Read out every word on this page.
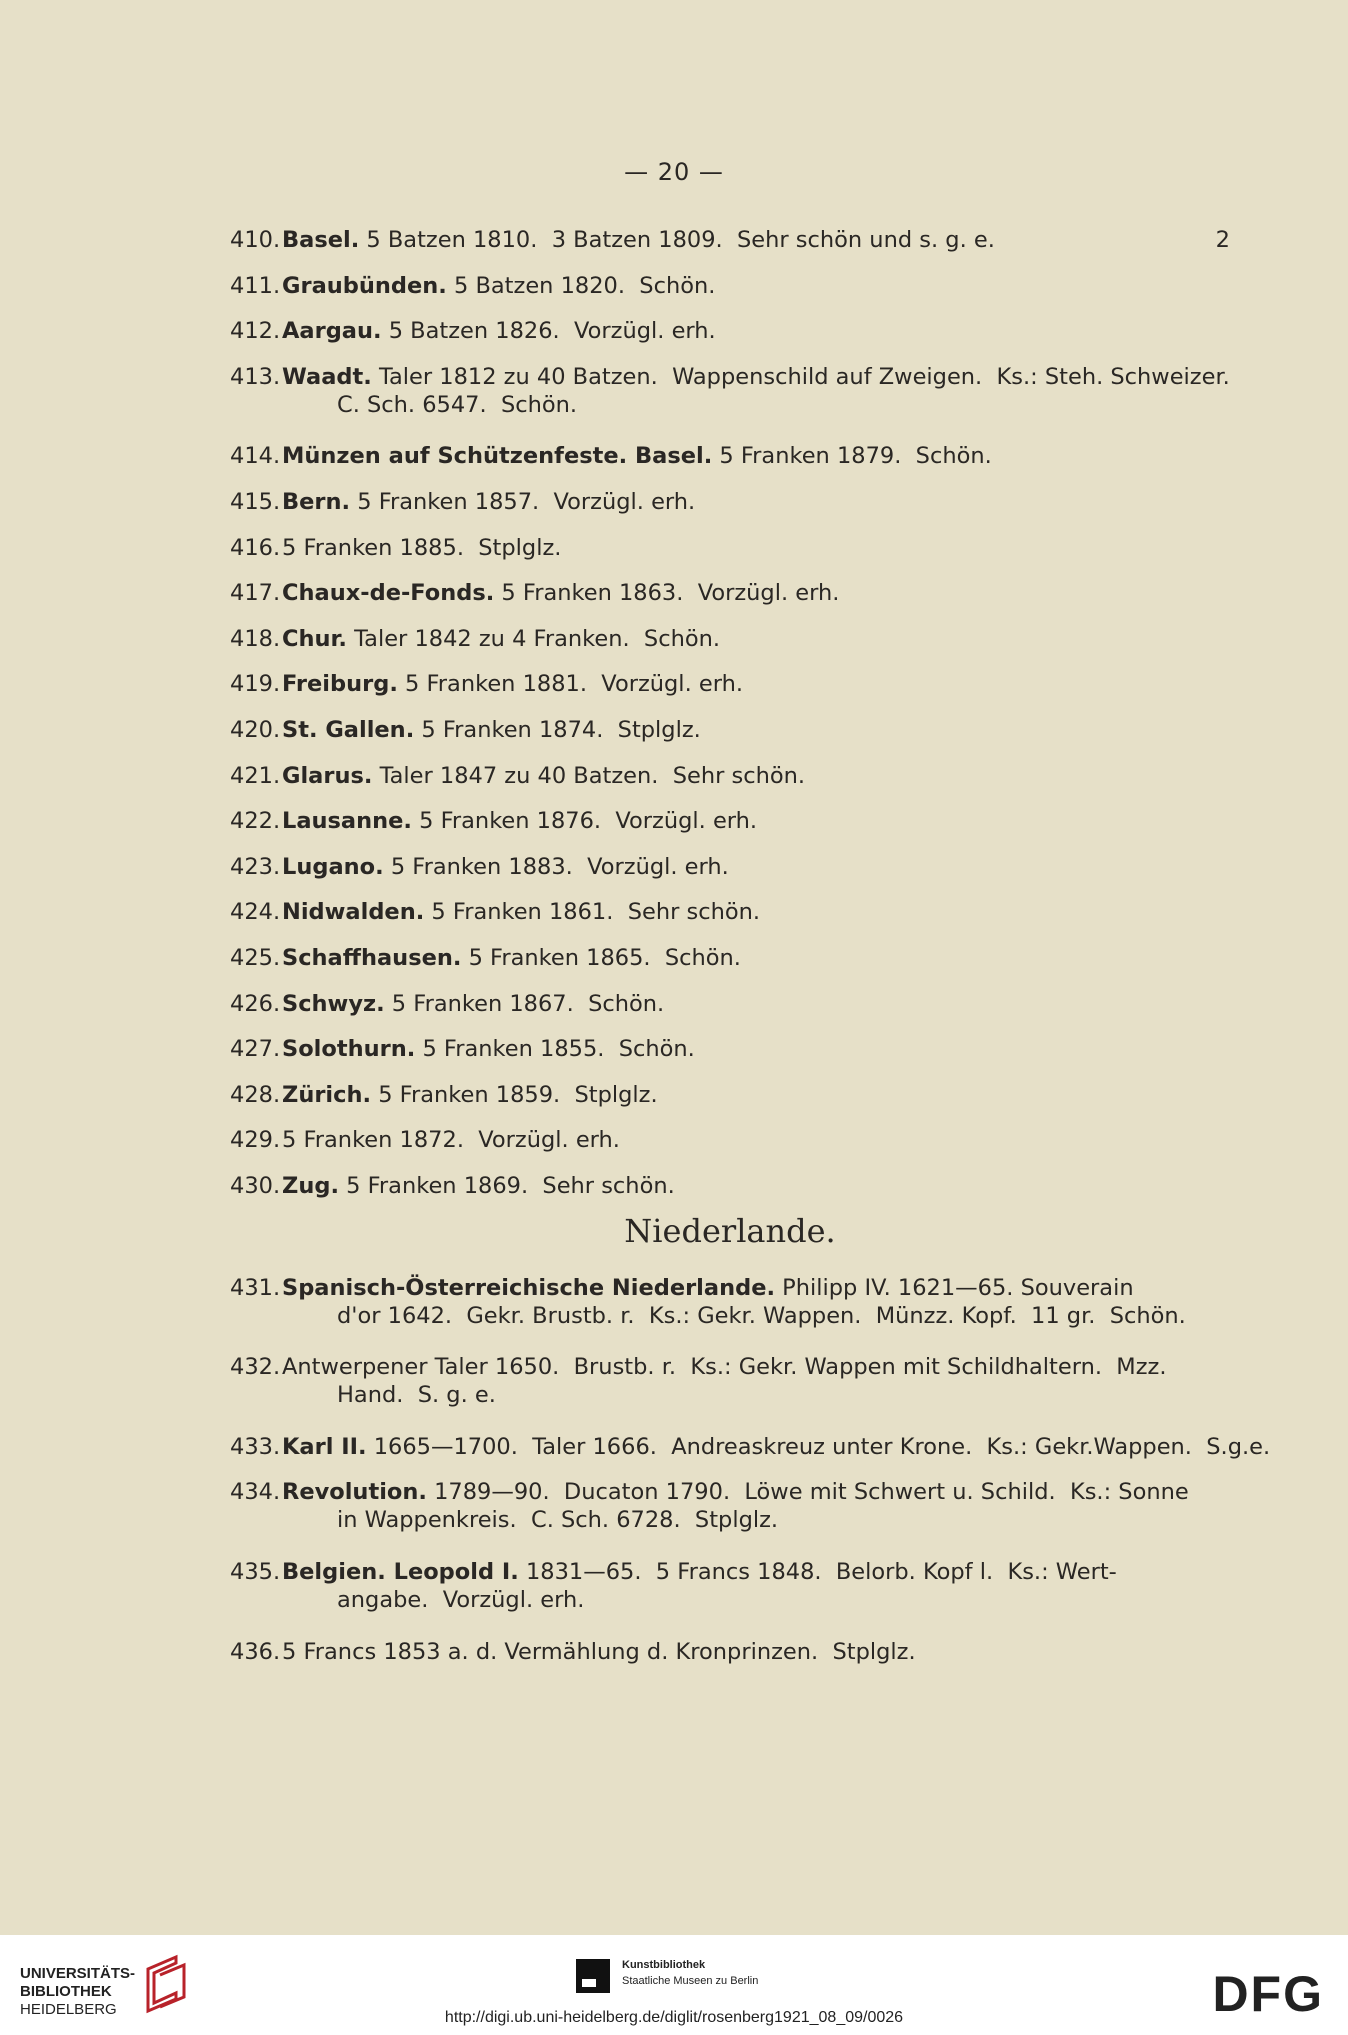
— 20 —
410.Basel. 5 Batzen 1810.  3 Batzen 1809.  Sehr schön und s. g. e.	2
411.Graubünden. 5 Batzen 1820.  Schön.
412.Aargau. 5 Batzen 1826.  Vorzügl. erh.
413.Waadt. Taler 1812 zu 40 Batzen.  Wappenschild auf Zweigen.  Ks.: Steh. Schweizer.
C. Sch. 6547.  Schön.
414.Münzen auf Schützenfeste. Basel. 5 Franken 1879.  Schön.
415.Bern. 5 Franken 1857.  Vorzügl. erh.
416.5 Franken 1885.  Stplglz.
417.Chaux-de-Fonds. 5 Franken 1863.  Vorzügl. erh.
418.Chur. Taler 1842 zu 4 Franken.  Schön.
419.Freiburg. 5 Franken 1881.  Vorzügl. erh.
420.St. Gallen. 5 Franken 1874.  Stplglz.
421.Glarus. Taler 1847 zu 40 Batzen.  Sehr schön.
422.Lausanne. 5 Franken 1876.  Vorzügl. erh.
423.Lugano. 5 Franken 1883.  Vorzügl. erh.
424.Nidwalden. 5 Franken 1861.  Sehr schön.
425.Schaffhausen. 5 Franken 1865.  Schön.
426.Schwyz. 5 Franken 1867.  Schön.
427.Solothurn. 5 Franken 1855.  Schön.
428.Zürich. 5 Franken 1859.  Stplglz.
429.5 Franken 1872.  Vorzügl. erh.
430.Zug. 5 Franken 1869.  Sehr schön.
Niederlande.
431.Spanisch-Österreichische Niederlande. Philipp IV. 1621—65. Souverain
d'or 1642.  Gekr. Brustb. r.  Ks.: Gekr. Wappen.  Münzz. Kopf.  11 gr.  Schön.
432.Antwerpener Taler 1650.  Brustb. r.  Ks.: Gekr. Wappen mit Schildhaltern.  Mzz.
Hand.  S. g. e.
433.Karl II. 1665—1700.  Taler 1666.  Andreaskreuz unter Krone.  Ks.: Gekr.Wappen.  S.g.e.
434.Revolution. 1789—90.  Ducaton 1790.  Löwe mit Schwert u. Schild.  Ks.: Sonne
in Wappenkreis.  C. Sch. 6728.  Stplglz.
435.Belgien. Leopold I. 1831—65.  5 Francs 1848.  Belorb. Kopf l.  Ks.: Wert-
angabe.  Vorzügl. erh.
436.5 Francs 1853 a. d. Vermählung d. Kronprinzen.  Stplglz.
UNIVERSITÄTS-
BIBLIOTHEK
HEIDELBERG
Kunstbibliothek
Staatliche Museen zu Berlin	DFG
http://digi.ub.uni-heidelberg.de/diglit/rosenberg1921_08_09/0026
